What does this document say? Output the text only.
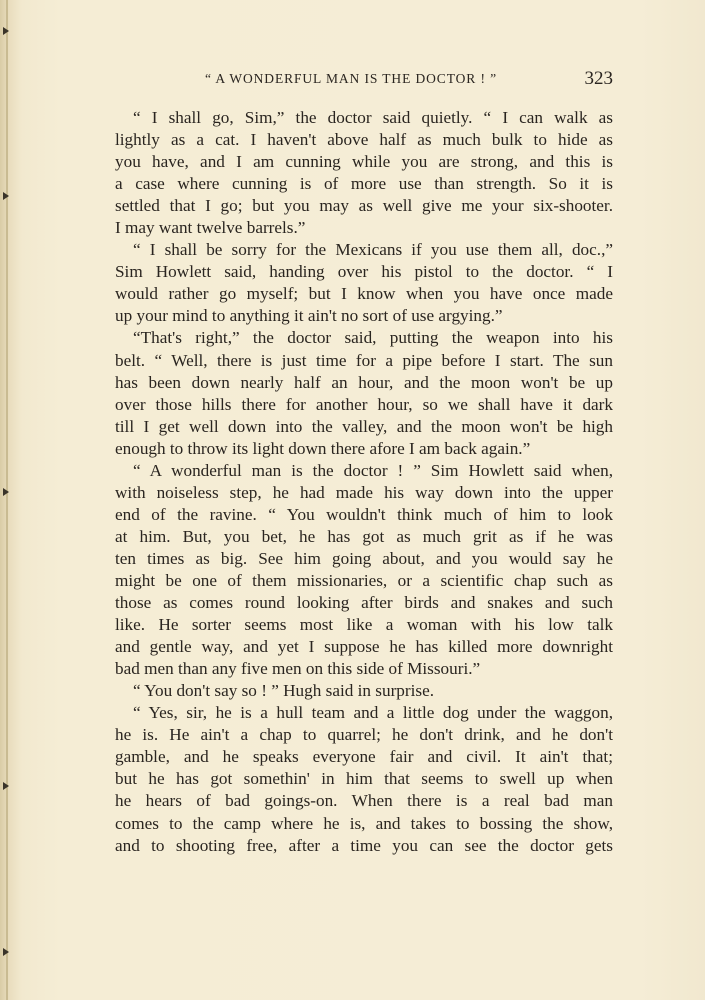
“ A WONDERFUL MAN IS THE DOCTOR ! ”	323
“ I shall go, Sim,” the doctor said quietly. “ I can walk as
lightly as a cat. I haven't above half as much bulk to hide as
you have, and I am cunning while you are strong, and this is
a case where cunning is of more use than strength. So it is
settled that I go; but you may as well give me your six-shooter.
I may want twelve barrels.”
“ I shall be sorry for the Mexicans if you use them all, doc.,”
Sim Howlett said, handing over his pistol to the doctor. “ I
would rather go myself; but I know when you have once made
up your mind to anything it ain't no sort of use argying.”
“That's right,” the doctor said, putting the weapon into his
belt. “ Well, there is just time for a pipe before I start. The sun
has been down nearly half an hour, and the moon won't be up
over those hills there for another hour, so we shall have it dark
till I get well down into the valley, and the moon won't be high
enough to throw its light down there afore I am back again.”
“ A wonderful man is the doctor ! ” Sim Howlett said when,
with noiseless step, he had made his way down into the upper
end of the ravine. “ You wouldn't think much of him to look
at him. But, you bet, he has got as much grit as if he was
ten times as big. See him going about, and you would say he
might be one of them missionaries, or a scientific chap such as
those as comes round looking after birds and snakes and such
like. He sorter seems most like a woman with his low talk
and gentle way, and yet I suppose he has killed more downright
bad men than any five men on this side of Missouri.”
“ You don't say so ! ” Hugh said in surprise.
“ Yes, sir, he is a hull team and a little dog under the waggon,
he is. He ain't a chap to quarrel; he don't drink, and he don't
gamble, and he speaks everyone fair and civil. It ain't that;
but he has got somethin' in him that seems to swell up when
he hears of bad goings-on. When there is a real bad man
comes to the camp where he is, and takes to bossing the show,
and to shooting free, after a time you can see the doctor gets
